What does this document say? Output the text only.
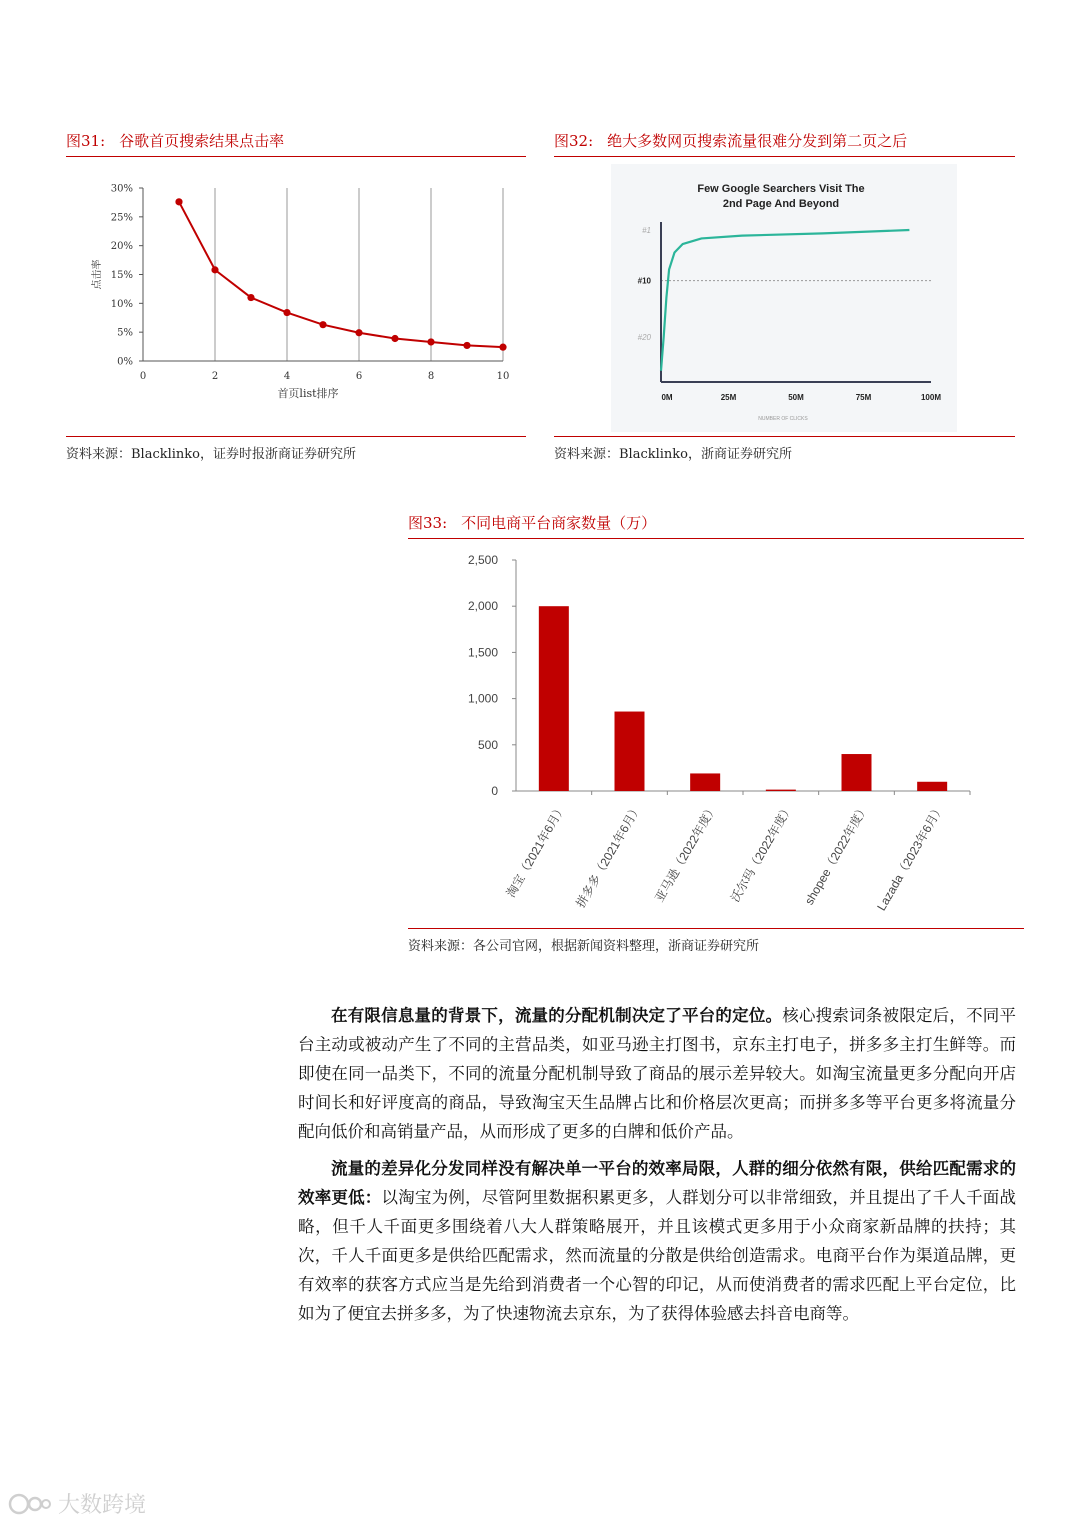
图31: 谷歌首页搜索结果点击率
0	2	4	6	8	10
0%
5%
10%
15%
20%
25%
30%
首页list排序
点击率
资料来源：Blacklinko，证券时报浙商证券研究所
图32: 绝大多数网页搜索流量很难分发到第二页之后
Few Google Searchers Visit The
2nd Page And Beyond
#1
#10
#20
0M	25M	50M	75M	100M
NUMBER OF CLICKS
资料来源：Blacklinko，浙商证券研究所
图33: 不同电商平台商家数量（万）
0
500
1,000
1,500
2,000
2,500
淘宝（2021年6月） 拼多多（2021年6月） 亚马逊（2022年度） 沃尔玛（2022年度） shopee（2022年度） Lazada（2023年6月）
资料来源：各公司官网，根据新闻资料整理，浙商证券研究所

在有限信息量的背景下，流量的分配机制决定了平台的定位。核心搜索词条被限定后，不同平台主动或被动产生了不同的主营品类，如亚马逊主打图书，京东主打电子，拼多多主打生鲜等。而即使在同一品类下，不同的流量分配机制导致了商品的展示差异较大。如淘宝流量更多分配向开店时间长和好评度高的商品，导致淘宝天生品牌占比和价格层次更高；而拼多多等平台更多将流量分配向低价和高销量产品，从而形成了更多的白牌和低价产品。

流量的差异化分发同样没有解决单一平台的效率局限，人群的细分依然有限，供给匹配需求的效率更低：以淘宝为例，尽管阿里数据积累更多，人群划分可以非常细致，并且提出了千人千面战略，但千人千面更多围绕着八大人群策略展开，并且该模式更多用于小众商家新品牌的扶持；其次，千人千面更多是供给匹配需求，然而流量的分散是供给创造需求。电商平台作为渠道品牌，更有效率的获客方式应当是先给到消费者一个心智的印记，从而使消费者的需求匹配上平台定位，比如为了便宜去拼多多，为了快速物流去京东，为了获得体验感去抖音电商等。

大数跨境
